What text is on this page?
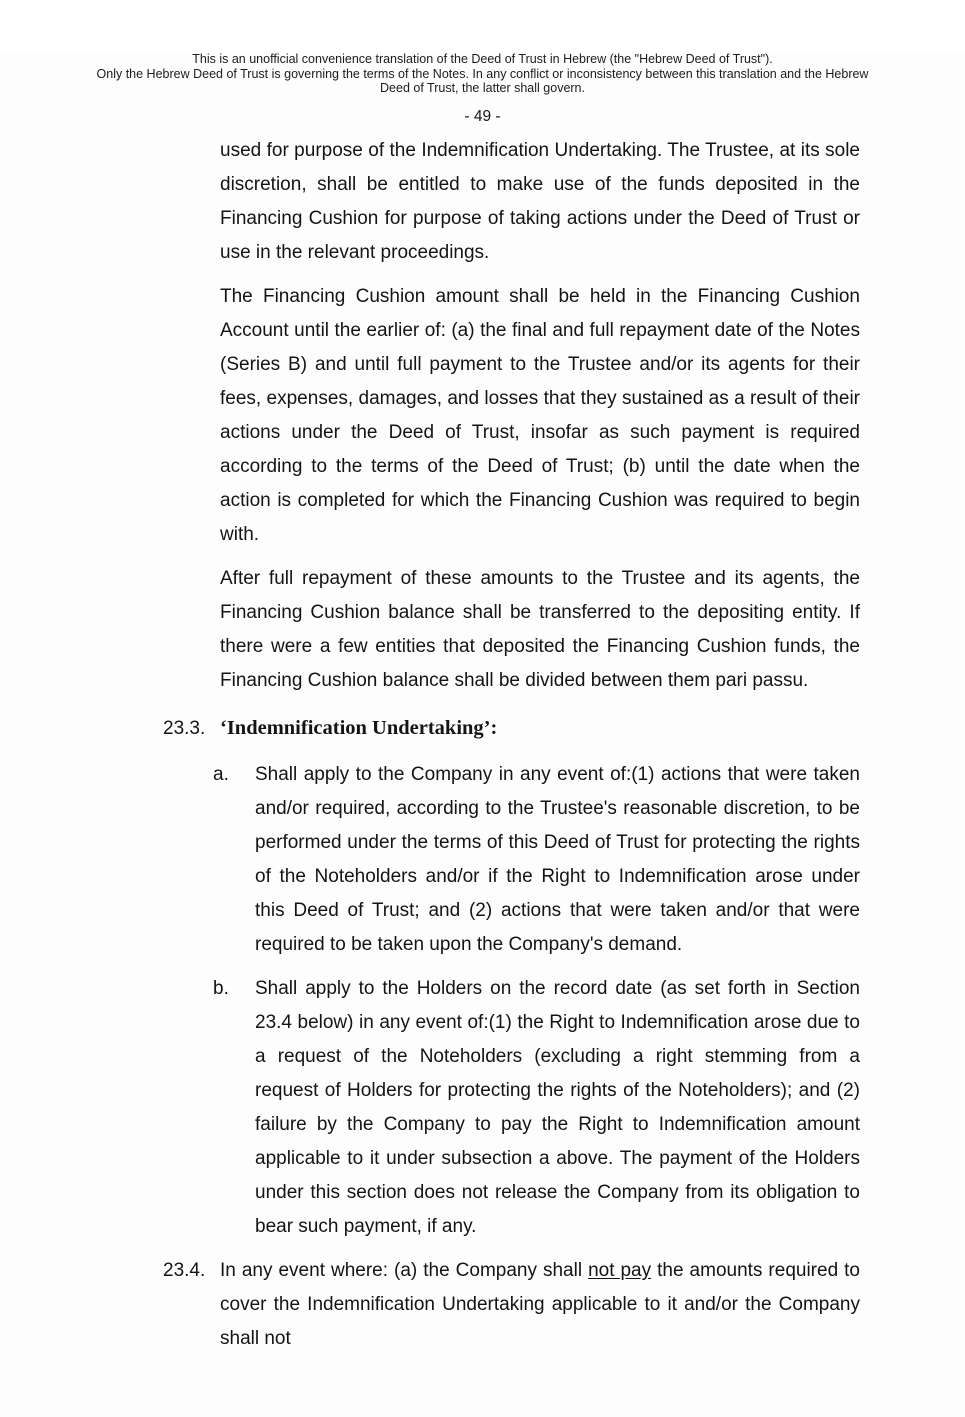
This is an unofficial convenience translation of the Deed of Trust in Hebrew (the "Hebrew Deed of Trust").
Only the Hebrew Deed of Trust is governing the terms of the Notes. In any conflict or inconsistency between this translation and the Hebrew
Deed of Trust, the latter shall govern.
- 49 -

used for purpose of the Indemnification Undertaking. The Trustee, at its sole discretion, shall be entitled to make use of the funds deposited in the Financing Cushion for purpose of taking actions under the Deed of Trust or use in the relevant proceedings.

The Financing Cushion amount shall be held in the Financing Cushion Account until the earlier of: (a) the final and full repayment date of the Notes (Series B) and until full payment to the Trustee and/or its agents for their fees, expenses, damages, and losses that they sustained as a result of their actions under the Deed of Trust, insofar as such payment is required according to the terms of the Deed of Trust; (b) until the date when the action is completed for which the Financing Cushion was required to begin with.

After full repayment of these amounts to the Trustee and its agents, the Financing Cushion balance shall be transferred to the depositing entity. If there were a few entities that deposited the Financing Cushion funds, the Financing Cushion balance shall be divided between them pari passu.

23.3. ‘Indemnification Undertaking’:
a.	Shall apply to the Company in any event of:(1) actions that were taken and/or required, according to the Trustee's reasonable discretion, to be performed under the terms of this Deed of Trust for protecting the rights of the Noteholders and/or if the Right to Indemnification arose under this Deed of Trust; and (2) actions that were taken and/or that were required to be taken upon the Company's demand.
b.	Shall apply to the Holders on the record date (as set forth in Section 23.4 below) in any event of:(1) the Right to Indemnification arose due to a request of the Noteholders (excluding a right stemming from a request of Holders for protecting the rights of the Noteholders); and (2) failure by the Company to pay the Right to Indemnification amount applicable to it under subsection a above. The payment of the Holders under this section does not release the Company from its obligation to bear such payment, if any.
23.4. In any event where: (a) the Company shall not pay the amounts required to cover the Indemnification Undertaking applicable to it and/or the Company shall not
